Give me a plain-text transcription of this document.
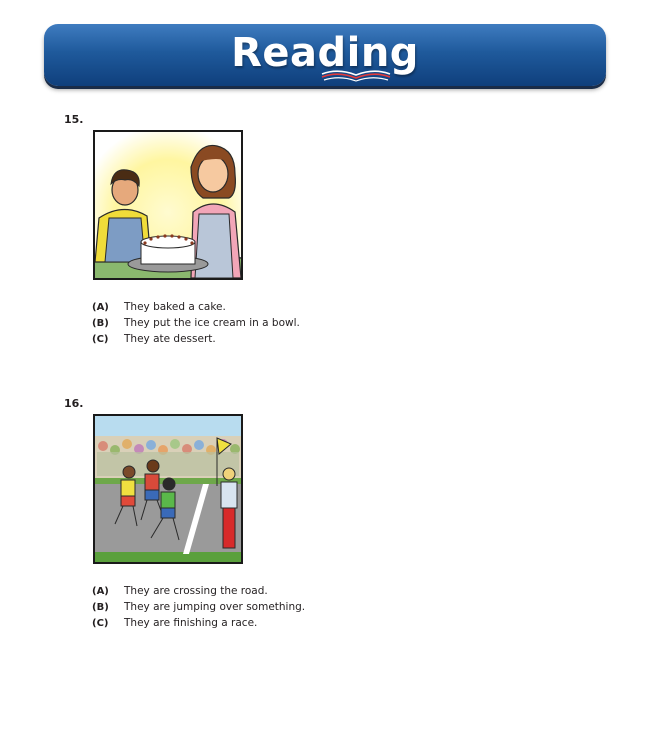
Reading
15.
(A) They baked a cake.
(B) They put the ice cream in a bowl.
(C) They ate dessert.
16.
(A) They are crossing the road.
(B) They are jumping over something.
(C) They are finishing a race.
